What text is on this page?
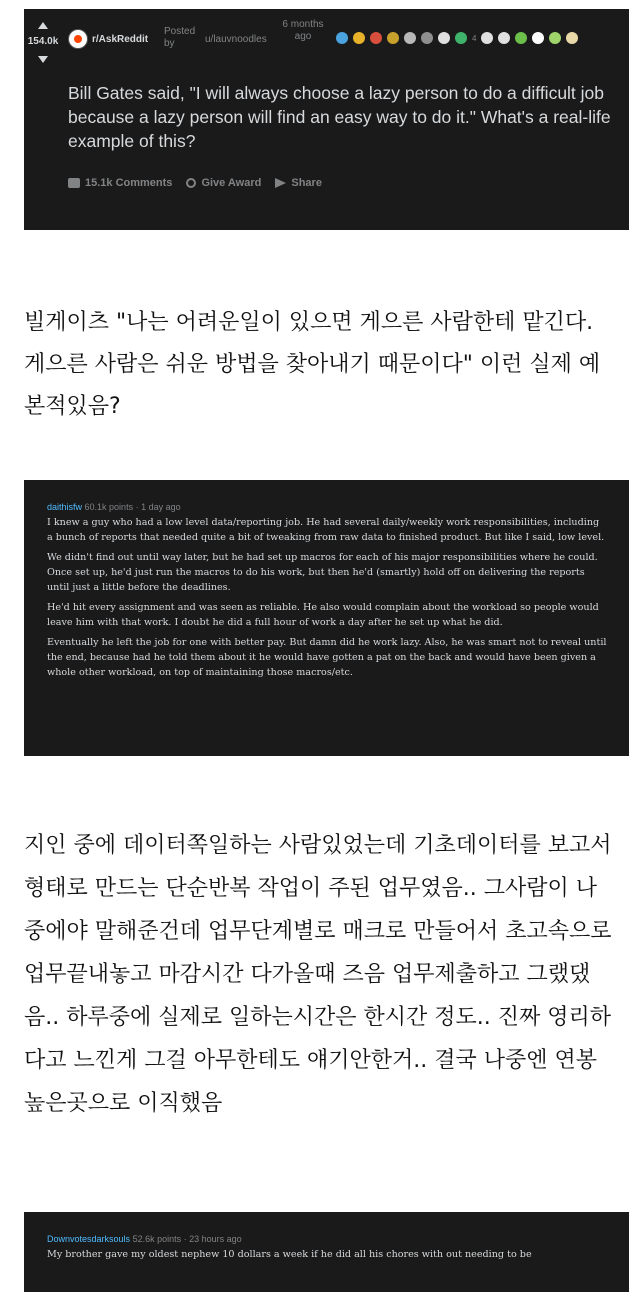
154.0k	r/AskReddit
Posted by	u/lauvnoodles
6 months ago	4
Bill Gates said, "I will always choose a lazy person to do a difficult job because a lazy person will find an easy way to do it." What's a real-life example of this?
15.1k Comments	Give Award	Share

빌게이츠 "나는 어려운일이 있으면 게으른 사람한테 맡긴다. 게으른 사람은 쉬운 방법을 찾아내기 때문이다" 이런 실제 예 본적있음?

daithisfw 60.1k points · 1 day ago

I knew a guy who had a low level data/reporting job. He had several daily/weekly work responsibilities, including a bunch of reports that needed quite a bit of tweaking from raw data to finished product. But like I said, low level.

We didn't find out until way later, but he had set up macros for each of his major responsibilities where he could. Once set up, he'd just run the macros to do his work, but then he'd (smartly) hold off on delivering the reports until just a little before the deadlines.

He'd hit every assignment and was seen as reliable. He also would complain about the workload so people would leave him with that work. I doubt he did a full hour of work a day after he set up what he did.

Eventually he left the job for one with better pay. But damn did he work lazy. Also, he was smart not to reveal until the end, because had he told them about it he would have gotten a pat on the back and would have been given a whole other workload, on top of maintaining those macros/etc.

지인 중에 데이터쪽일하는 사람있었는데 기초데이터를 보고서형태로 만드는 단순반복 작업이 주된 업무였음.. 그사람이 나중에야 말해준건데 업무단계별로 매크로 만들어서 초고속으로 업무끝내놓고 마감시간 다가올때 즈음 업무제출하고 그랬댔음.. 하루중에 실제로 일하는시간은 한시간 정도.. 진짜 영리하다고 느낀게 그걸 아무한테도 얘기안한거.. 결국 나중엔 연봉높은곳으로 이직했음

Downvotesdarksouls 52.6k points · 23 hours ago

My brother gave my oldest nephew 10 dollars a week if he did all his chores with out needing to be
